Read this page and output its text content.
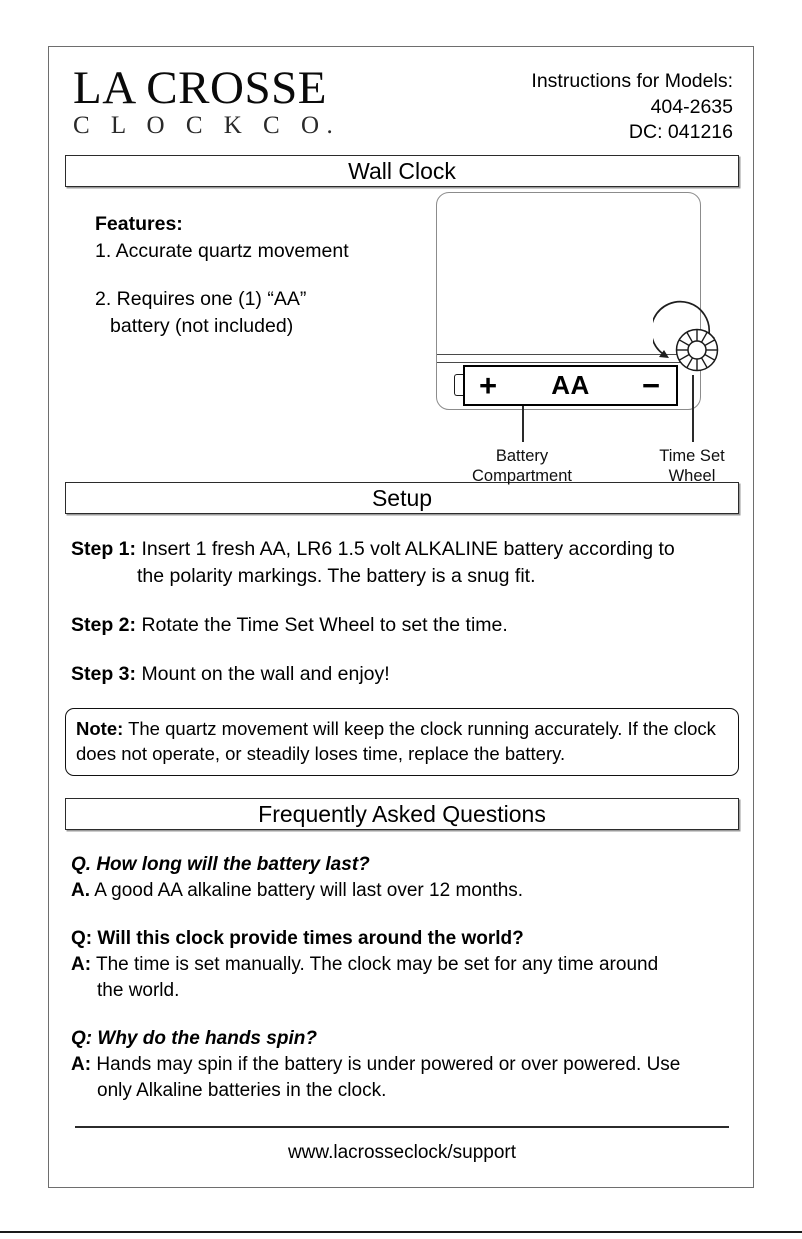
LA CROSSE
C L O C K C O.
Instructions for Models:
404-2635
DC: 041216
Wall Clock
Features:
1. Accurate quartz movement
2. Requires one (1) “AA”
battery (not included)
+	AA	−
Battery
Compartment
Time Set
Wheel
Setup
Step 1: Insert 1 fresh AA, LR6 1.5 volt ALKALINE battery according to
the polarity markings. The battery is a snug fit.
Step 2: Rotate the Time Set Wheel to set the time.
Step 3: Mount on the wall and enjoy!
Note: The quartz movement will keep the clock running accurately. If the clock does not operate, or steadily loses time, replace the battery.
Frequently Asked Questions
Q. How long will the battery last?
A. A good AA alkaline battery will last over 12 months.
Q: Will this clock provide times around the world?
A: The time is set manually. The clock may be set for any time around
the world.
Q: Why do the hands spin?
A: Hands may spin if the battery is under powered or over powered. Use
only Alkaline batteries in the clock.
www.lacrosseclock/support
